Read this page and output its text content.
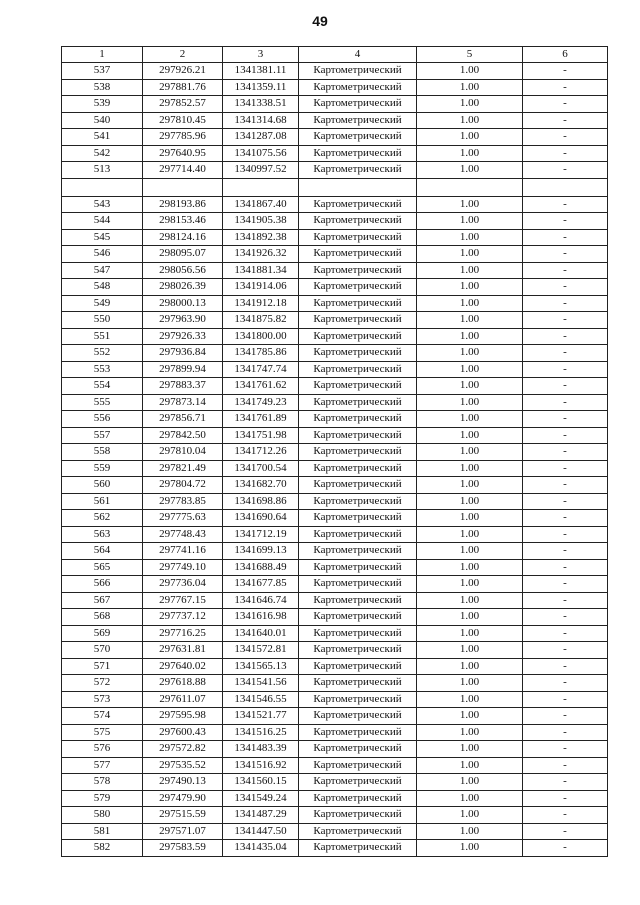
49
1	2	3	4	5	6
537	297926.21	1341381.11	Картометрический	1.00	-
538	297881.76	1341359.11	Картометрический	1.00	-
539	297852.57	1341338.51	Картометрический	1.00	-
540	297810.45	1341314.68	Картометрический	1.00	-
541	297785.96	1341287.08	Картометрический	1.00	-
542	297640.95	1341075.56	Картометрический	1.00	-
513	297714.40	1340997.52	Картометрический	1.00	-

543	298193.86	1341867.40	Картометрический	1.00	-
544	298153.46	1341905.38	Картометрический	1.00	-
545	298124.16	1341892.38	Картометрический	1.00	-
546	298095.07	1341926.32	Картометрический	1.00	-
547	298056.56	1341881.34	Картометрический	1.00	-
548	298026.39	1341914.06	Картометрический	1.00	-
549	298000.13	1341912.18	Картометрический	1.00	-
550	297963.90	1341875.82	Картометрический	1.00	-
551	297926.33	1341800.00	Картометрический	1.00	-
552	297936.84	1341785.86	Картометрический	1.00	-
553	297899.94	1341747.74	Картометрический	1.00	-
554	297883.37	1341761.62	Картометрический	1.00	-
555	297873.14	1341749.23	Картометрический	1.00	-
556	297856.71	1341761.89	Картометрический	1.00	-
557	297842.50	1341751.98	Картометрический	1.00	-
558	297810.04	1341712.26	Картометрический	1.00	-
559	297821.49	1341700.54	Картометрический	1.00	-
560	297804.72	1341682.70	Картометрический	1.00	-
561	297783.85	1341698.86	Картометрический	1.00	-
562	297775.63	1341690.64	Картометрический	1.00	-
563	297748.43	1341712.19	Картометрический	1.00	-
564	297741.16	1341699.13	Картометрический	1.00	-
565	297749.10	1341688.49	Картометрический	1.00	-
566	297736.04	1341677.85	Картометрический	1.00	-
567	297767.15	1341646.74	Картометрический	1.00	-
568	297737.12	1341616.98	Картометрический	1.00	-
569	297716.25	1341640.01	Картометрический	1.00	-
570	297631.81	1341572.81	Картометрический	1.00	-
571	297640.02	1341565.13	Картометрический	1.00	-
572	297618.88	1341541.56	Картометрический	1.00	-
573	297611.07	1341546.55	Картометрический	1.00	-
574	297595.98	1341521.77	Картометрический	1.00	-
575	297600.43	1341516.25	Картометрический	1.00	-
576	297572.82	1341483.39	Картометрический	1.00	-
577	297535.52	1341516.92	Картометрический	1.00	-
578	297490.13	1341560.15	Картометрический	1.00	-
579	297479.90	1341549.24	Картометрический	1.00	-
580	297515.59	1341487.29	Картометрический	1.00	-
581	297571.07	1341447.50	Картометрический	1.00	-
582	297583.59	1341435.04	Картометрический	1.00	-
